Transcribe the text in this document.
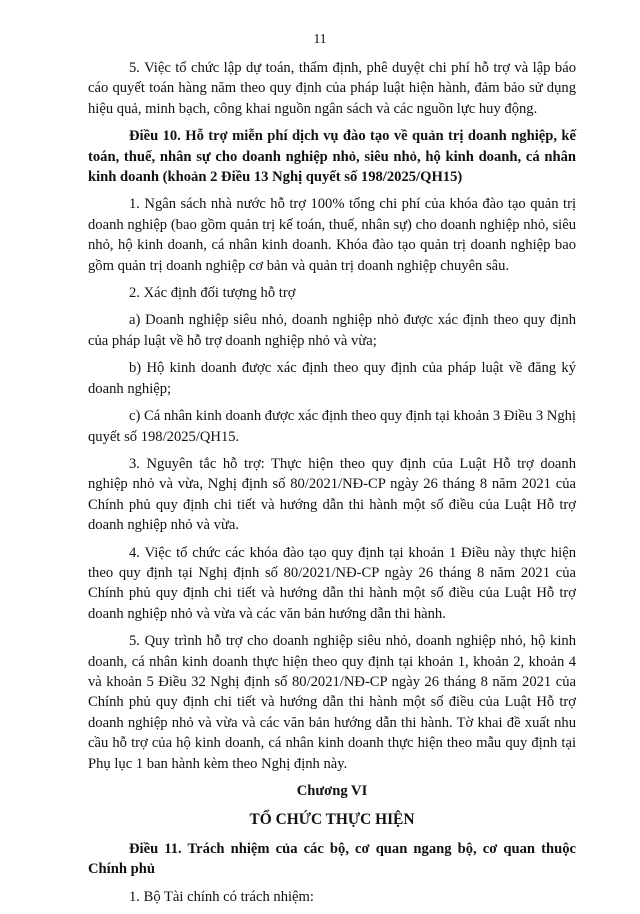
11

5. Việc tổ chức lập dự toán, thẩm định, phê duyệt chi phí hỗ trợ và lập báo cáo quyết toán hàng năm theo quy định của pháp luật hiện hành, đảm bảo sử dụng hiệu quả, minh bạch, công khai nguồn ngân sách và các nguồn lực huy động.

Điều 10. Hỗ trợ miễn phí dịch vụ đào tạo về quản trị doanh nghiệp, kế toán, thuế, nhân sự cho doanh nghiệp nhỏ, siêu nhỏ, hộ kinh doanh, cá nhân kinh doanh (khoản 2 Điều 13 Nghị quyết số 198/2025/QH15)

1. Ngân sách nhà nước hỗ trợ 100% tổng chi phí của khóa đào tạo quản trị doanh nghiệp (bao gồm quản trị kế toán, thuế, nhân sự) cho doanh nghiệp nhỏ, siêu nhỏ, hộ kinh doanh, cá nhân kinh doanh. Khóa đào tạo quản trị doanh nghiệp bao gồm quản trị doanh nghiệp cơ bản và quản trị doanh nghiệp chuyên sâu.

2. Xác định đối tượng hỗ trợ

a) Doanh nghiệp siêu nhỏ, doanh nghiệp nhỏ được xác định theo quy định của pháp luật về hỗ trợ doanh nghiệp nhỏ và vừa;

b) Hộ kinh doanh được xác định theo quy định của pháp luật về đăng ký doanh nghiệp;

c) Cá nhân kinh doanh được xác định theo quy định tại khoản 3 Điều 3 Nghị quyết số 198/2025/QH15.

3. Nguyên tắc hỗ trợ: Thực hiện theo quy định của Luật Hỗ trợ doanh nghiệp nhỏ và vừa, Nghị định số 80/2021/NĐ-CP ngày 26 tháng 8 năm 2021 của Chính phủ quy định chi tiết và hướng dẫn thi hành một số điều của Luật Hỗ trợ doanh nghiệp nhỏ và vừa.

4. Việc tổ chức các khóa đào tạo quy định tại khoản 1 Điều này thực hiện theo quy định tại Nghị định số 80/2021/NĐ-CP ngày 26 tháng 8 năm 2021 của Chính phủ quy định chi tiết và hướng dẫn thi hành một số điều của Luật Hỗ trợ doanh nghiệp nhỏ và vừa và các văn bản hướng dẫn thi hành.

5. Quy trình hỗ trợ cho doanh nghiệp siêu nhỏ, doanh nghiệp nhỏ, hộ kinh doanh, cá nhân kinh doanh thực hiện theo quy định tại khoản 1, khoản 2, khoản 4 và khoản 5 Điều 32 Nghị định số 80/2021/NĐ-CP ngày 26 tháng 8 năm 2021 của Chính phủ quy định chi tiết và hướng dẫn thi hành một số điều của Luật Hỗ trợ doanh nghiệp nhỏ và vừa và các văn bản hướng dẫn thi hành. Tờ khai đề xuất nhu cầu hỗ trợ của hộ kinh doanh, cá nhân kinh doanh thực hiện theo mẫu quy định tại Phụ lục 1 ban hành kèm theo Nghị định này.

Chương VI

TỔ CHỨC THỰC HIỆN

Điều 11. Trách nhiệm của các bộ, cơ quan ngang bộ, cơ quan thuộc Chính phủ

1. Bộ Tài chính có trách nhiệm:
